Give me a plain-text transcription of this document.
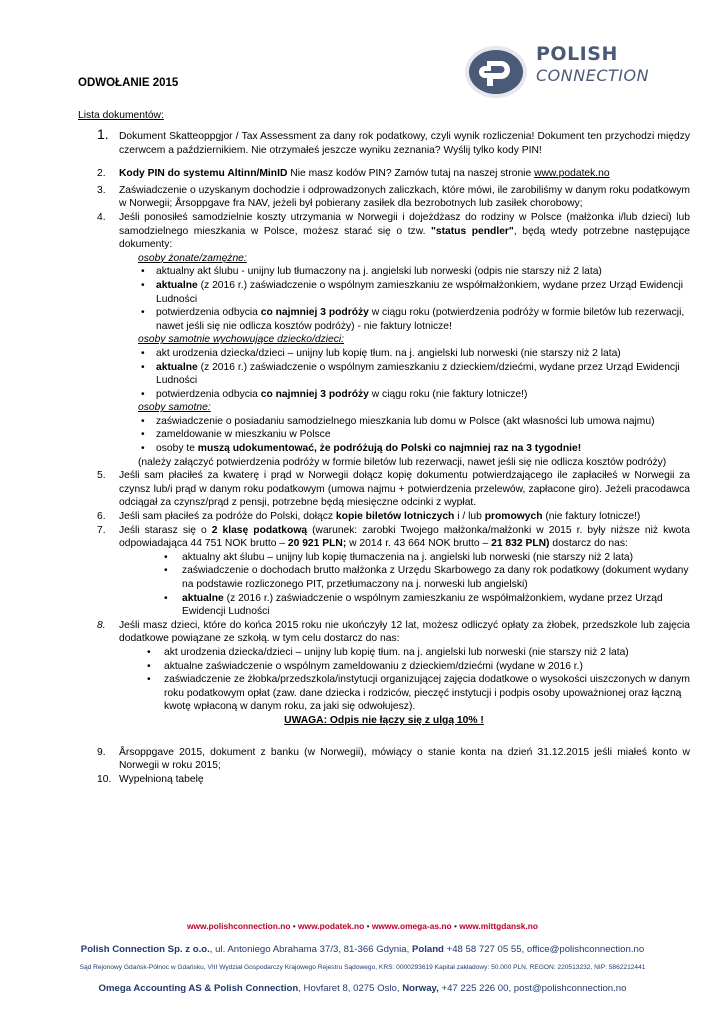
POLISH
CONNECTION
ODWOŁANIE 2015
Lista dokumentów:
1. Dokument Skatteoppgjor / Tax Assessment za dany rok podatkowy, czyli wynik rozliczenia! Dokument ten przychodzi między czerwcem a październikiem. Nie otrzymałeś jeszcze wyniku zeznania? Wyślij tylko kody PIN!
2. Kody PIN do systemu Altinn/MinID Nie masz kodów PIN? Zamów tutaj na naszej stronie www.podatek.no
3. Zaświadczenie o uzyskanym dochodzie i odprowadzonych zaliczkach, które mówi, ile zarobiliśmy w danym roku podatkowym w Norwegii; Årsoppgave fra NAV, jeżeli był pobierany zasiłek dla bezrobotnych lub zasiłek chorobowy;
4. Jeśli ponosiłeś samodzielnie koszty utrzymania w Norwegii i dojeżdżasz do rodziny w Polsce (małżonka i/lub dzieci) lub samodzielnego mieszkania w Polsce, możesz starać się o tzw. "status pendler", będą wtedy potrzebne następujące dokumenty:
osoby żonate/zamężne:
• aktualny akt ślubu - unijny lub tłumaczony na j. angielski lub norweski (odpis nie starszy niż 2 lata)
• aktualne (z 2016 r.) zaświadczenie o wspólnym zamieszkaniu ze współmałżonkiem, wydane przez Urząd Ewidencji Ludności
• potwierdzenia odbycia co najmniej 3 podróży w ciągu roku (potwierdzenia podróży w formie biletów lub rezerwacji, nawet jeśli się nie odlicza kosztów podróży) - nie faktury lotnicze!
osoby samotnie wychowujące dziecko/dzieci:
• akt urodzenia dziecka/dzieci – unijny lub kopię tłum. na j. angielski lub norweski (nie starszy niż 2 lata)
• aktualne (z 2016 r.) zaświadczenie o wspólnym zamieszkaniu z dzieckiem/dziećmi, wydane przez Urząd Ewidencji Ludności
• potwierdzenia odbycia co najmniej 3 podróży w ciągu roku (nie faktury lotnicze!)
osoby samotne:
• zaświadczenie o posiadaniu samodzielnego mieszkania lub domu w Polsce (akt własności lub umowa najmu)
• zameldowanie w mieszkaniu w Polsce
• osoby te muszą udokumentować, że podróżują do Polski co najmniej raz na 3 tygodnie!
(należy załączyć potwierdzenia podróży w formie biletów lub rezerwacji, nawet jeśli się nie odlicza kosztów podróży)
5. Jeśli sam płaciłeś za kwaterę i prąd w Norwegii dołącz kopię dokumentu potwierdzającego ile zapłaciłeś w Norwegii za czynsz lub/i prąd w danym roku podatkowym (umowa najmu + potwierdzenia przelewów, zapłacone giro). Jeżeli pracodawca odciągał za czynsz/prąd z pensji, potrzebne będą miesięczne odcinki z wypłat.
6. Jeśli sam płaciłeś za podróże do Polski, dołącz kopie biletów lotniczych i / lub promowych (nie faktury lotnicze!)
7. Jeśli starasz się o 2 klasę podatkową (warunek: zarobki Twojego małżonka/małżonki w 2015 r. były niższe niż kwota odpowiadająca 44 751 NOK brutto – 20 921 PLN; w 2014 r. 43 664 NOK brutto – 21 832 PLN) dostarcz do nas:
• aktualny akt ślubu – unijny lub kopię tłumaczenia na j. angielski lub norweski (nie starszy niż 2 lata)
• zaświadczenie o dochodach brutto małżonka z Urzędu Skarbowego za dany rok podatkowy (dokument wydany na podstawie rozliczonego PIT, przetłumaczony na j. norweski lub angielski)
• aktualne (z 2016 r.) zaświadczenie o wspólnym zamieszkaniu ze współmałżonkiem, wydane przez Urząd Ewidencji Ludności
8. Jeśli masz dzieci, które do końca 2015 roku nie ukończyły 12 lat, możesz odliczyć opłaty za żłobek, przedszkole lub zajęcia dodatkowe powiązane ze szkołą. w tym celu dostarcz do nas:
• akt urodzenia dziecka/dzieci – unijny lub kopię tłum. na j. angielski lub norweski (nie starszy niż 2 lata)
• aktualne zaświadczenie o wspólnym zameldowaniu z dzieckiem/dziećmi (wydane w 2016 r.)
• zaświadczenie ze żłobka/przedszkola/instytucji organizującej zajęcia dodatkowe o wysokości uiszczonych w danym roku podatkowym opłat (zaw. dane dziecka i rodziców, pieczęć instytucji i podpis osoby upoważnionej oraz łączną kwotę wpłaconą w danym roku, za jaki się odwołujesz).
UWAGA: Odpis nie łączy się z ulgą 10% !
9. Årsoppgave 2015, dokument z banku (w Norwegii), mówiący o stanie konta na dzień 31.12.2015 jeśli miałeś konto w Norwegii w roku 2015;
10. Wypełnioną tabelę
www.polishconnection.no • www.podatek.no • wwww.omega-as.no • www.mittgdansk.no
Polish Connection Sp. z o.o., ul. Antoniego Abrahama 37/3, 81-366 Gdynia, Poland +48 58 727 05 55, office@polishconnection.no
Sąd Rejonowy Gdańsk-Północ w Gdańsku, VIII Wydział Gospodarczy Krajowego Rejestru Sądowego, KRS: 0000293619 Kapitał zakładowy: 50.000 PLN, REGON: 220513232, NIP: 5862212441
Omega Accounting AS & Polish Connection, Hovfaret 8, 0275 Oslo, Norway, +47 225 226 00, post@polishconnection.no
